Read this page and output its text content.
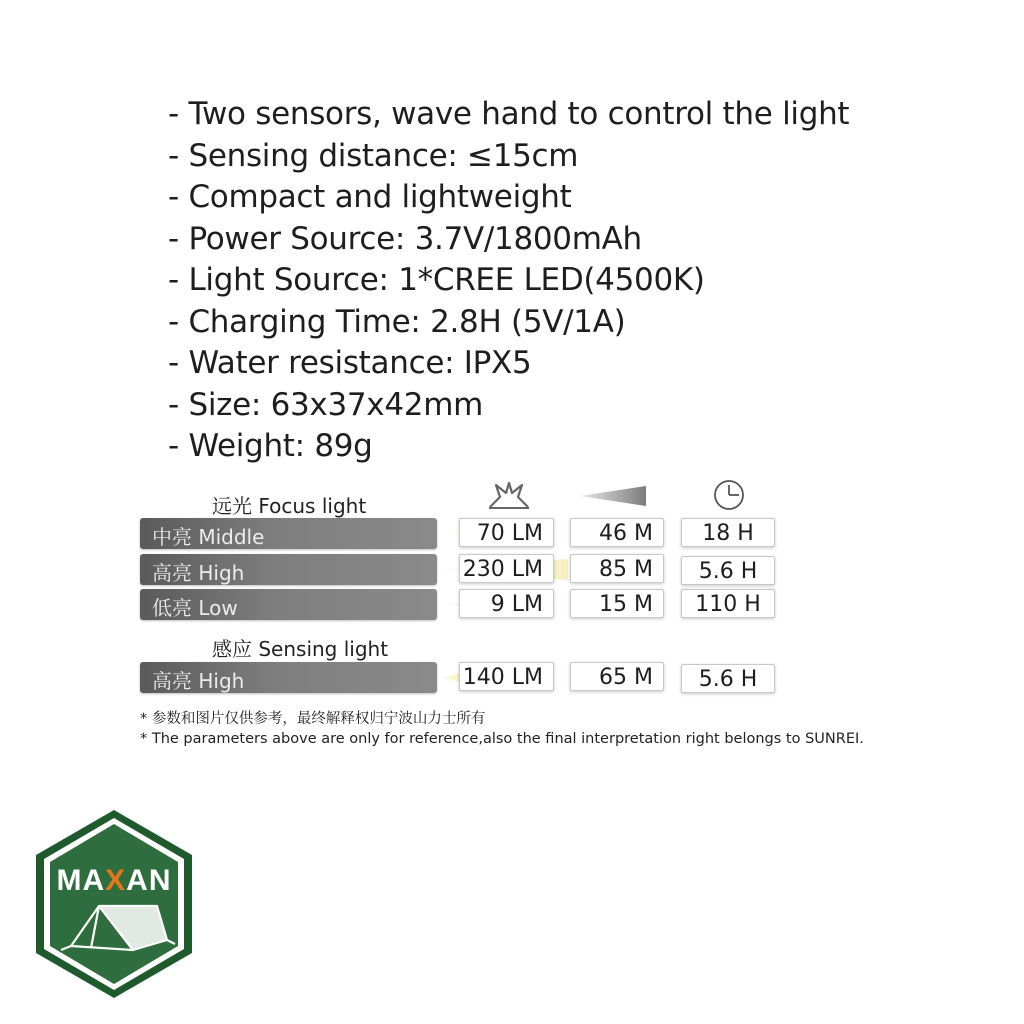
- Two sensors, wave hand to control the light
- Sensing distance: ≤15cm
- Compact and lightweight
- Power Source: 3.7V/1800mAh
- Light Source: 1*CREE LED(4500K)
- Charging Time: 2.8H (5V/1A)
- Water resistance: IPX5
- Size: 63x37x42mm
- Weight: 89g
远光 Focus light
中亮 Middle	70 LM	46 M	18 H
高亮 High	230 LM	85 M	5.6 H
低亮 Low	9 LM	15 M	110 H
感应 Sensing light
高亮 High	140 LM	65 M	5.6 H
* 参数和图片仅供参考，最终解释权归宁波山力士所有
* The parameters above are only for reference,also the final interpretation right belongs to SUNREI.
MAXAN
